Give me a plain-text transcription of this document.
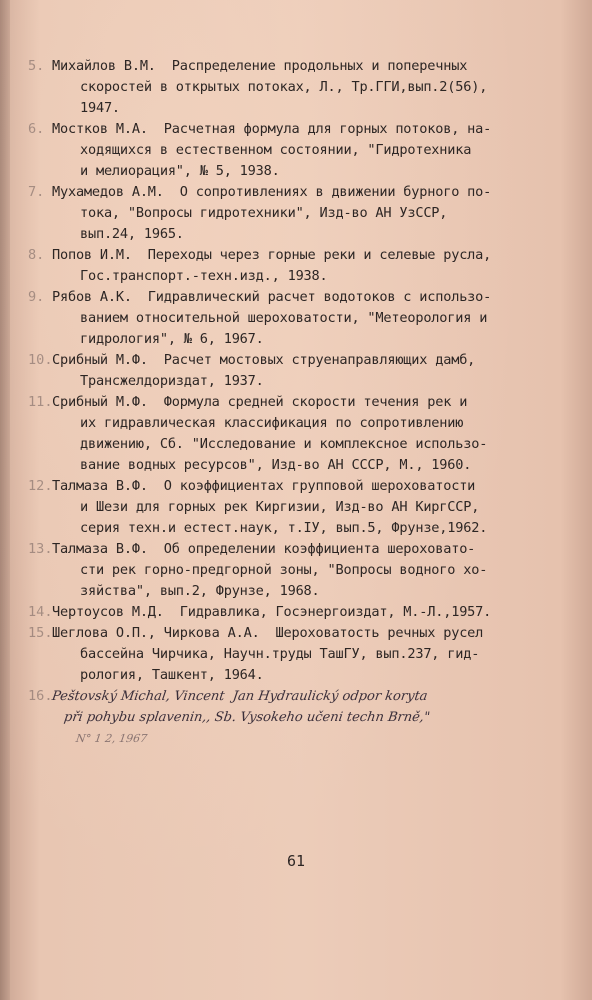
5. Михайлов В.М.  Распределение продольных и поперечных
скоростей в открытых потоках, Л., Тр.ГГИ,вып.2(56),
1947.
6. Мостков М.А.  Расчетная формула для горных потоков, на-
ходящихся в естественном состоянии, "Гидротехника
и мелиорация", № 5, 1938.
7. Мухамедов А.М.  О сопротивлениях в движении бурного по-
тока, "Вопросы гидротехники", Изд-во АН УзССР,
вып.24, 1965.
8. Попов И.М.  Переходы через горные реки и селевые русла,
Гос.транспорт.-техн.изд., 1938.
9. Рябов А.К.  Гидравлический расчет водотоков с использо-
ванием относительной шероховатости, "Метеорология и
гидрология", № 6, 1967.
10. Срибный М.Ф.  Расчет мостовых струенаправляющих дамб,
Трансжелдориздат, 1937.
11. Срибный М.Ф.  Формула средней скорости течения рек и
их гидравлическая классификация по сопротивлению
движению, Сб. "Исследование и комплексное использо-
вание водных ресурсов", Изд-во АН СССР, М., 1960.
12. Талмаза В.Ф.  О коэффициентах групповой шероховатости
и Шези для горных рек Киргизии, Изд-во АН КиргССР,
серия техн.и естест.наук, т.IУ, вып.5, Фрунзе,1962.
13. Талмаза В.Ф.  Об определении коэффициента шероховато-
сти рек горно-предгорной зоны, "Вопросы водного хо-
зяйства", вып.2, Фрунзе, 1968.
14. Чертоусов М.Д.  Гидравлика, Госэнергоиздат, М.-Л.,1957.
15. Шеглова О.П., Чиркова А.А.  Шероховатость речных русел
бассейна Чирчика, Научн.труды ТашГУ, вып.237, гид-
рология, Ташкент, 1964.
16.
Peštovský Michal, Vincent  Jan Hydraulický odpor koryta
při pohybu splavenin,, Sb. Vysokeho učeni techn Brně,"
N° 1 2, 1967
61
